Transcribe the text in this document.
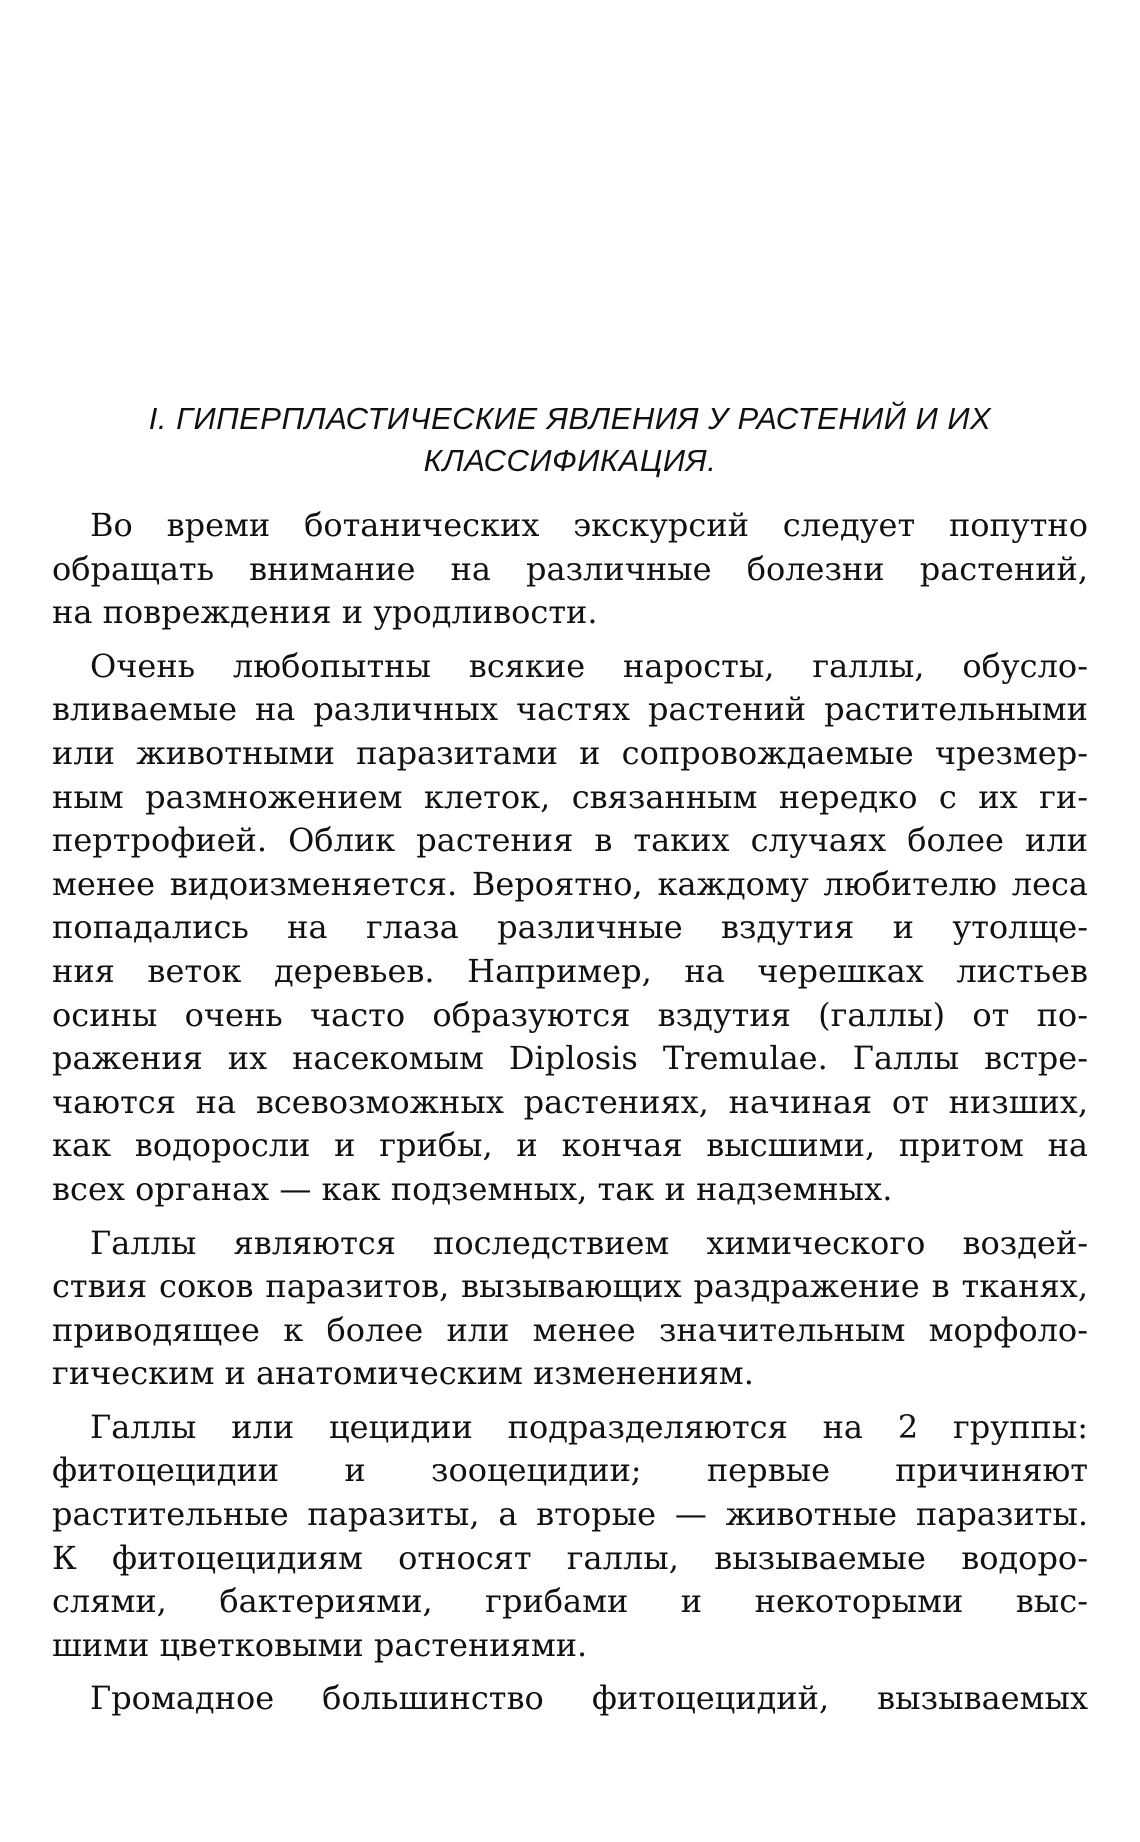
I. ГИПЕРПЛАСТИЧЕСКИЕ ЯВЛЕНИЯ У РАСТЕНИЙ И ИХ
КЛАССИФИКАЦИЯ.
Во времи ботанических экскурсий следует попутно
обращать внимание на различные болезни растений,
на повреждения и уродливости.
Очень любопытны всякие наросты, галлы, обусло-
вливаемые на различных частях растений растительными
или животными паразитами и сопровождаемые чрезмер-
ным размножением клеток, связанным нередко с их ги-
пертрофией. Облик растения в таких случаях более или
менее видоизменяется. Вероятно, каждому любителю леса
попадались на глаза различные вздутия и утолще-
ния веток деревьев. Например, на черешках листьев
осины очень часто образуются вздутия (галлы) от по-
ражения их насекомым Diplosis Tremulae. Галлы встре-
чаются на всевозможных растениях, начиная от низших,
как водоросли и грибы, и кончая высшими, притом на
всех органах — как подземных, так и надземных.
Галлы являются последствием химического воздей-
ствия соков паразитов, вызывающих раздражение в тканях,
приводящее к более или менее значительным морфоло-
гическим и анатомическим изменениям.
Галлы или цецидии подразделяются на 2 группы:
фитоцецидии и зооцецидии; первые причиняют
растительные паразиты, а вторые — животные паразиты.
К фитоцецидиям относят галлы, вызываемые водоро-
слями, бактериями, грибами и некоторыми выс-
шими цветковыми растениями.
Громадное большинство фитоцецидий, вызываемых
